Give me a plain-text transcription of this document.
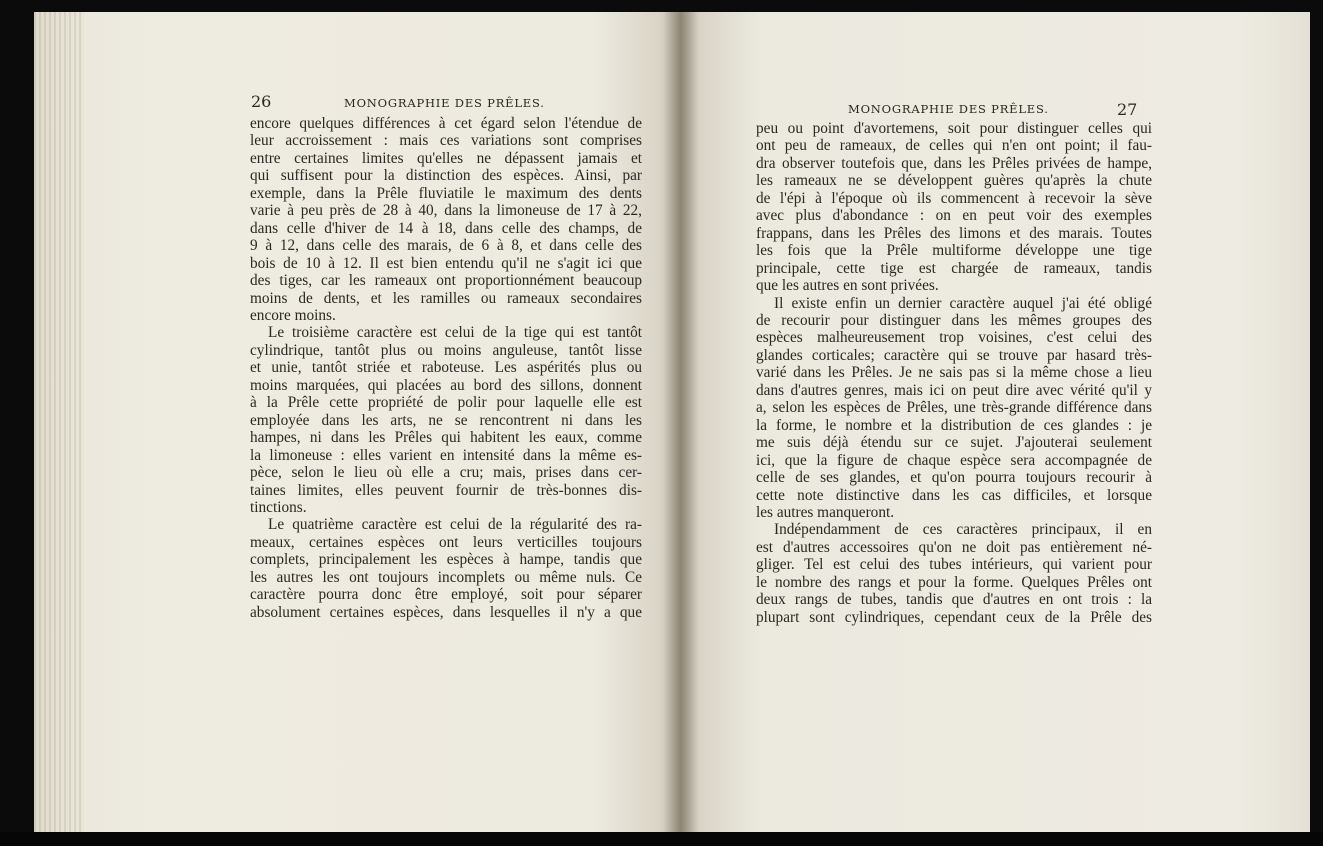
26	MONOGRAPHIE DES PRÊLES.	MONOGRAPHIE DES PRÊLES.	27
encore quelques différences à cet égard selon l'étendue de
leur accroissement : mais ces variations sont comprises
entre certaines limites qu'elles ne dépassent jamais et
qui suffisent pour la distinction des espèces. Ainsi, par
exemple, dans la Prêle fluviatile le maximum des dents
varie à peu près de 28 à 40, dans la limoneuse de 17 à 22,
dans celle d'hiver de 14 à 18, dans celle des champs, de
9 à 12, dans celle des marais, de 6 à 8, et dans celle des
bois de 10 à 12. Il est bien entendu qu'il ne s'agit ici que
des tiges, car les rameaux ont proportionnément beaucoup
moins de dents, et les ramilles ou rameaux secondaires
encore moins.
Le troisième caractère est celui de la tige qui est tantôt
cylindrique, tantôt plus ou moins anguleuse, tantôt lisse
et unie, tantôt striée et raboteuse. Les aspérités plus ou
moins marquées, qui placées au bord des sillons, donnent
à la Prêle cette propriété de polir pour laquelle elle est
employée dans les arts, ne se rencontrent ni dans les
hampes, ni dans les Prêles qui habitent les eaux, comme
la limoneuse : elles varient en intensité dans la même es-
pèce, selon le lieu où elle a cru; mais, prises dans cer-
taines limites, elles peuvent fournir de très-bonnes dis-
tinctions.
Le quatrième caractère est celui de la régularité des ra-
meaux, certaines espèces ont leurs verticilles toujours
complets, principalement les espèces à hampe, tandis que
les autres les ont toujours incomplets ou même nuls. Ce
caractère pourra donc être employé, soit pour séparer
absolument certaines espèces, dans lesquelles il n'y a que
peu ou point d'avortemens, soit pour distinguer celles qui
ont peu de rameaux, de celles qui n'en ont point; il fau-
dra observer toutefois que, dans les Prêles privées de hampe,
les rameaux ne se développent guères qu'après la chute
de l'épi à l'époque où ils commencent à recevoir la sève
avec plus d'abondance : on en peut voir des exemples
frappans, dans les Prêles des limons et des marais. Toutes
les fois que la Prêle multiforme développe une tige
principale, cette tige est chargée de rameaux, tandis
que les autres en sont privées.
Il existe enfin un dernier caractère auquel j'ai été obligé
de recourir pour distinguer dans les mêmes groupes des
espèces malheureusement trop voisines, c'est celui des
glandes corticales; caractère qui se trouve par hasard très-
varié dans les Prêles. Je ne sais pas si la même chose a lieu
dans d'autres genres, mais ici on peut dire avec vérité qu'il y
a, selon les espèces de Prêles, une très-grande différence dans
la forme, le nombre et la distribution de ces glandes : je
me suis déjà étendu sur ce sujet. J'ajouterai seulement
ici, que la figure de chaque espèce sera accompagnée de
celle de ses glandes, et qu'on pourra toujours recourir à
cette note distinctive dans les cas difficiles, et lorsque
les autres manqueront.
Indépendamment de ces caractères principaux, il en
est d'autres accessoires qu'on ne doit pas entièrement né-
gliger. Tel est celui des tubes intérieurs, qui varient pour
le nombre des rangs et pour la forme. Quelques Prêles ont
deux rangs de tubes, tandis que d'autres en ont trois : la
plupart sont cylindriques, cependant ceux de la Prêle des
